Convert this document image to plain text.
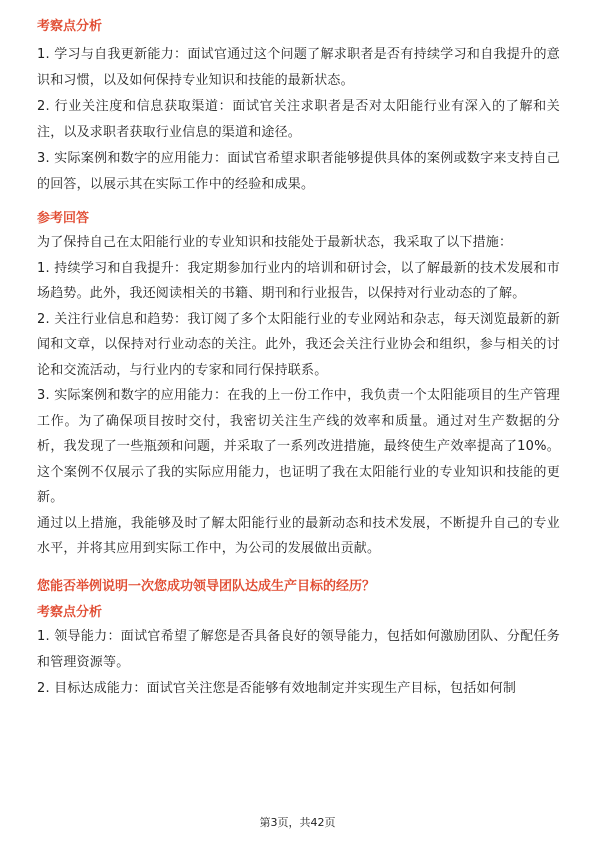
考察点分析

1. 学习与自我更新能力：面试官通过这个问题了解求职者是否有持续学习和自我提升的意识和习惯，以及如何保持专业知识和技能的最新状态。

2. 行业关注度和信息获取渠道：面试官关注求职者是否对太阳能行业有深入的了解和关注，以及求职者获取行业信息的渠道和途径。

3. 实际案例和数字的应用能力：面试官希望求职者能够提供具体的案例或数字来支持自己的回答，以展示其在实际工作中的经验和成果。

参考回答

为了保持自己在太阳能行业的专业知识和技能处于最新状态，我采取了以下措施：

1. 持续学习和自我提升：我定期参加行业内的培训和研讨会，以了解最新的技术发展和市场趋势。此外，我还阅读相关的书籍、期刊和行业报告，以保持对行业动态的了解。

2. 关注行业信息和趋势：我订阅了多个太阳能行业的专业网站和杂志，每天浏览最新的新闻和文章，以保持对行业动态的关注。此外，我还会关注行业协会和组织，参与相关的讨论和交流活动，与行业内的专家和同行保持联系。

3. 实际案例和数字的应用能力：在我的上一份工作中，我负责一个太阳能项目的生产管理工作。为了确保项目按时交付，我密切关注生产线的效率和质量。通过对生产数据的分析，我发现了一些瓶颈和问题，并采取了一系列改进措施，最终使生产效率提高了10%。这个案例不仅展示了我的实际应用能力，也证明了我在太阳能行业的专业知识和技能的更新。

通过以上措施，我能够及时了解太阳能行业的最新动态和技术发展，不断提升自己的专业水平，并将其应用到实际工作中，为公司的发展做出贡献。

您能否举例说明一次您成功领导团队达成生产目标的经历？

考察点分析

1. 领导能力：面试官希望了解您是否具备良好的领导能力，包括如何激励团队、分配任务和管理资源等。

2. 目标达成能力：面试官关注您是否能够有效地制定并实现生产目标，包括如何制

第3页，共42页
